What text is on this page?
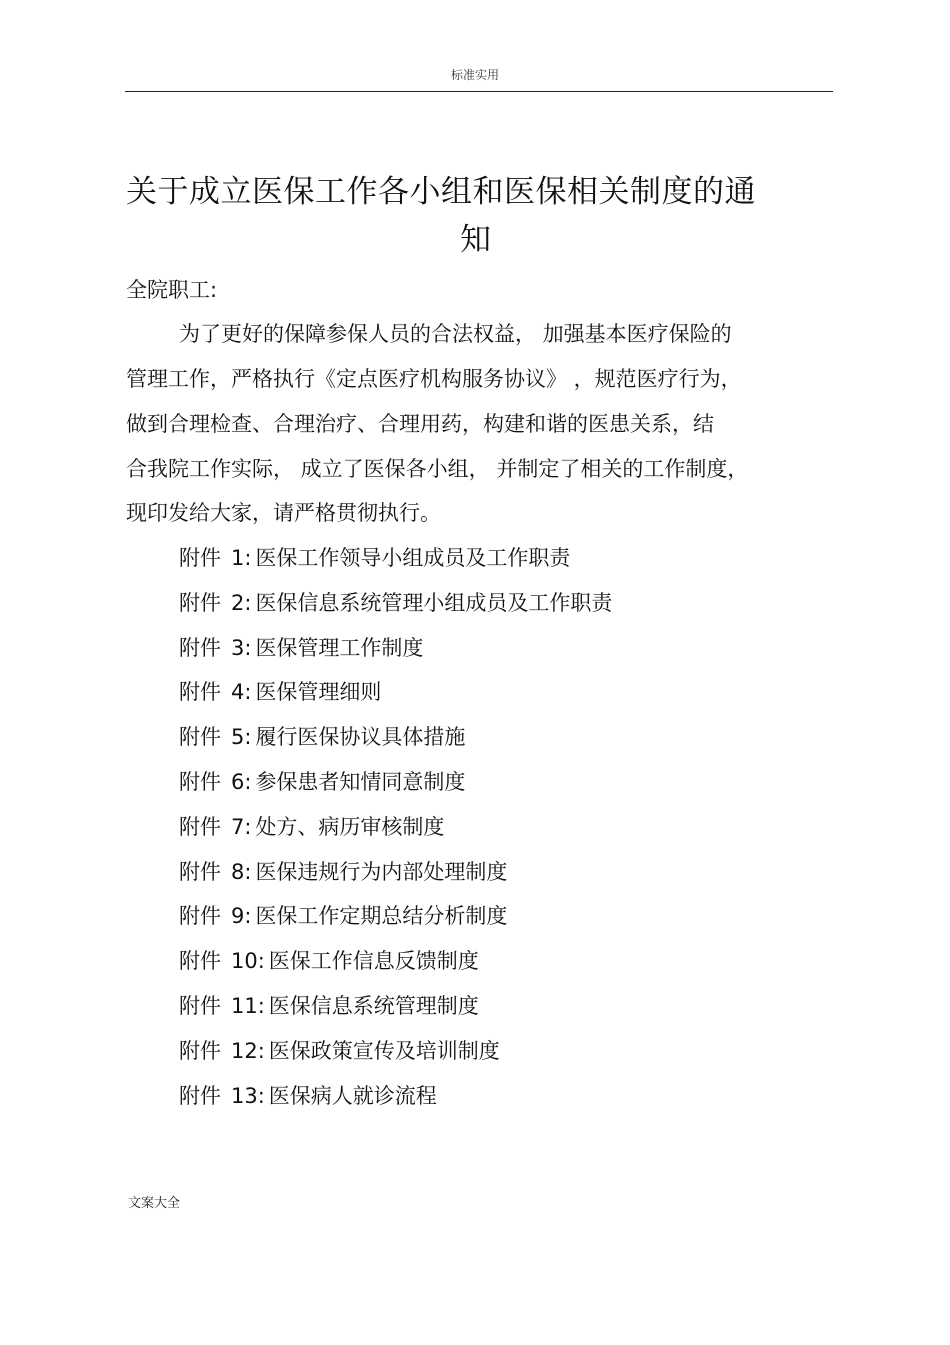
标准实用
关于成立医保工作各小组和医保相关制度的通
知
全院职工:
为了更好的保障参保人员的合法权益， 加强基本医疗保险的
管理工作，严格执行《定点医疗机构服务协议》 ，规范医疗行为，
做到合理检查、合理治疗、合理用药，构建和谐的医患关系，结
合我院工作实际， 成立了医保各小组， 并制定了相关的工作制度，
现印发给大家，请严格贯彻执行。
附件 1: 医保工作领导小组成员及工作职责
附件 2: 医保信息系统管理小组成员及工作职责
附件 3: 医保管理工作制度
附件 4: 医保管理细则
附件 5: 履行医保协议具体措施
附件 6: 参保患者知情同意制度
附件 7: 处方、病历审核制度
附件 8: 医保违规行为内部处理制度
附件 9: 医保工作定期总结分析制度
附件 10: 医保工作信息反馈制度
附件 11: 医保信息系统管理制度
附件 12: 医保政策宣传及培训制度
附件 13: 医保病人就诊流程
文案大全
